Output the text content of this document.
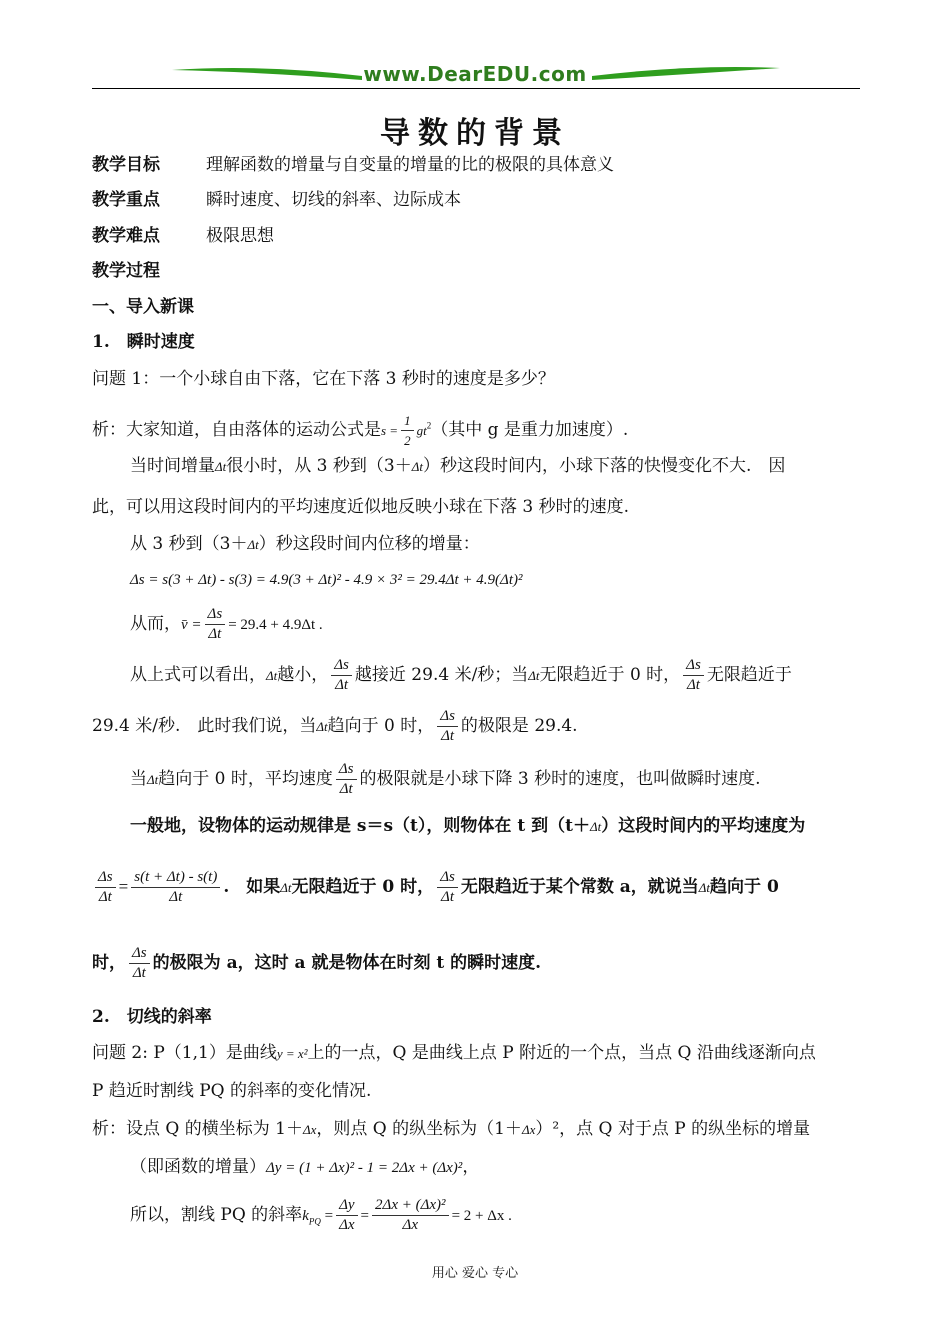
www.DearEDU.com
导数的背景
教学目标	理解函数的增量与自变量的增量的比的极限的具体意义
教学重点	瞬时速度、切线的斜率、边际成本
教学难点	极限思想
教学过程
一、导入新课
1.　瞬时速度
问题 1：一个小球自由下落，它在下落 3 秒时的速度是多少？
析：大家知道，自由落体的运动公式是$s = \frac{1}{2} gt^2$（其中 g 是重力加速度）.
当时间增量Δt很小时，从 3 秒到（3＋Δt）秒这段时间内，小球下落的快慢变化不大.　因
此，可以用这段时间内的平均速度近似地反映小球在下落 3 秒时的速度.
从 3 秒到（3＋Δt）秒这段时间内位移的增量：
Δs = s(3 + Δt) - s(3) = 4.9(3 + Δt)² - 4.9 × 3² = 29.4Δt + 4.9(Δt)²
从而，v̄ = $\frac{\Delta s}{\Delta t} = 29.4 + 4.9\Delta t$ .
从上式可以看出，Δt越小， $\frac{\Delta s}{\Delta t}$ 越接近 29.4 米/秒；当Δt无限趋近于 0 时， $\frac{\Delta s}{\Delta t}$ 无限趋近于
29.4 米/秒.　此时我们说，当Δt趋向于 0 时， $\frac{\Delta s}{\Delta t}$ 的极限是 29.4.
当Δt趋向于 0 时，平均速度 $\frac{\Delta s}{\Delta t}$ 的极限就是小球下降 3 秒时的速度，也叫做瞬时速度.
一般地，设物体的运动规律是 s＝s（t），则物体在 t 到（t＋Δt）这段时间内的平均速度为
$\frac{\Delta s}{\Delta t} = \frac{s(t + \Delta t) - s(t)}{\Delta t}$ .　如果Δt无限趋近于 0 时， $\frac{\Delta s}{\Delta t}$ 无限趋近于某个常数 a，就说当Δt趋向于 0
时， $\frac{\Delta s}{\Delta t}$ 的极限为 a，这时 a 就是物体在时刻 t 的瞬时速度.
2.　切线的斜率
问题 2: P（1,1）是曲线y = x²上的一点，Q 是曲线上点 P 附近的一个点，当点 Q 沿曲线逐渐向点
P 趋近时割线 PQ 的斜率的变化情况.
析：设点 Q 的横坐标为 1＋Δx，则点 Q 的纵坐标为（1＋Δx）²，点 Q 对于点 P 的纵坐标的增量
（即函数的增量）Δy = (1 + Δx)² - 1 = 2Δx + (Δx)²，
所以，割线 PQ 的斜率$k_{PQ} = \frac{\Delta y}{\Delta x} = \frac{\text{2Δx + (Δx)²}}{\Delta x} = 2 + \Delta x$ .
用心 爱心 专心
